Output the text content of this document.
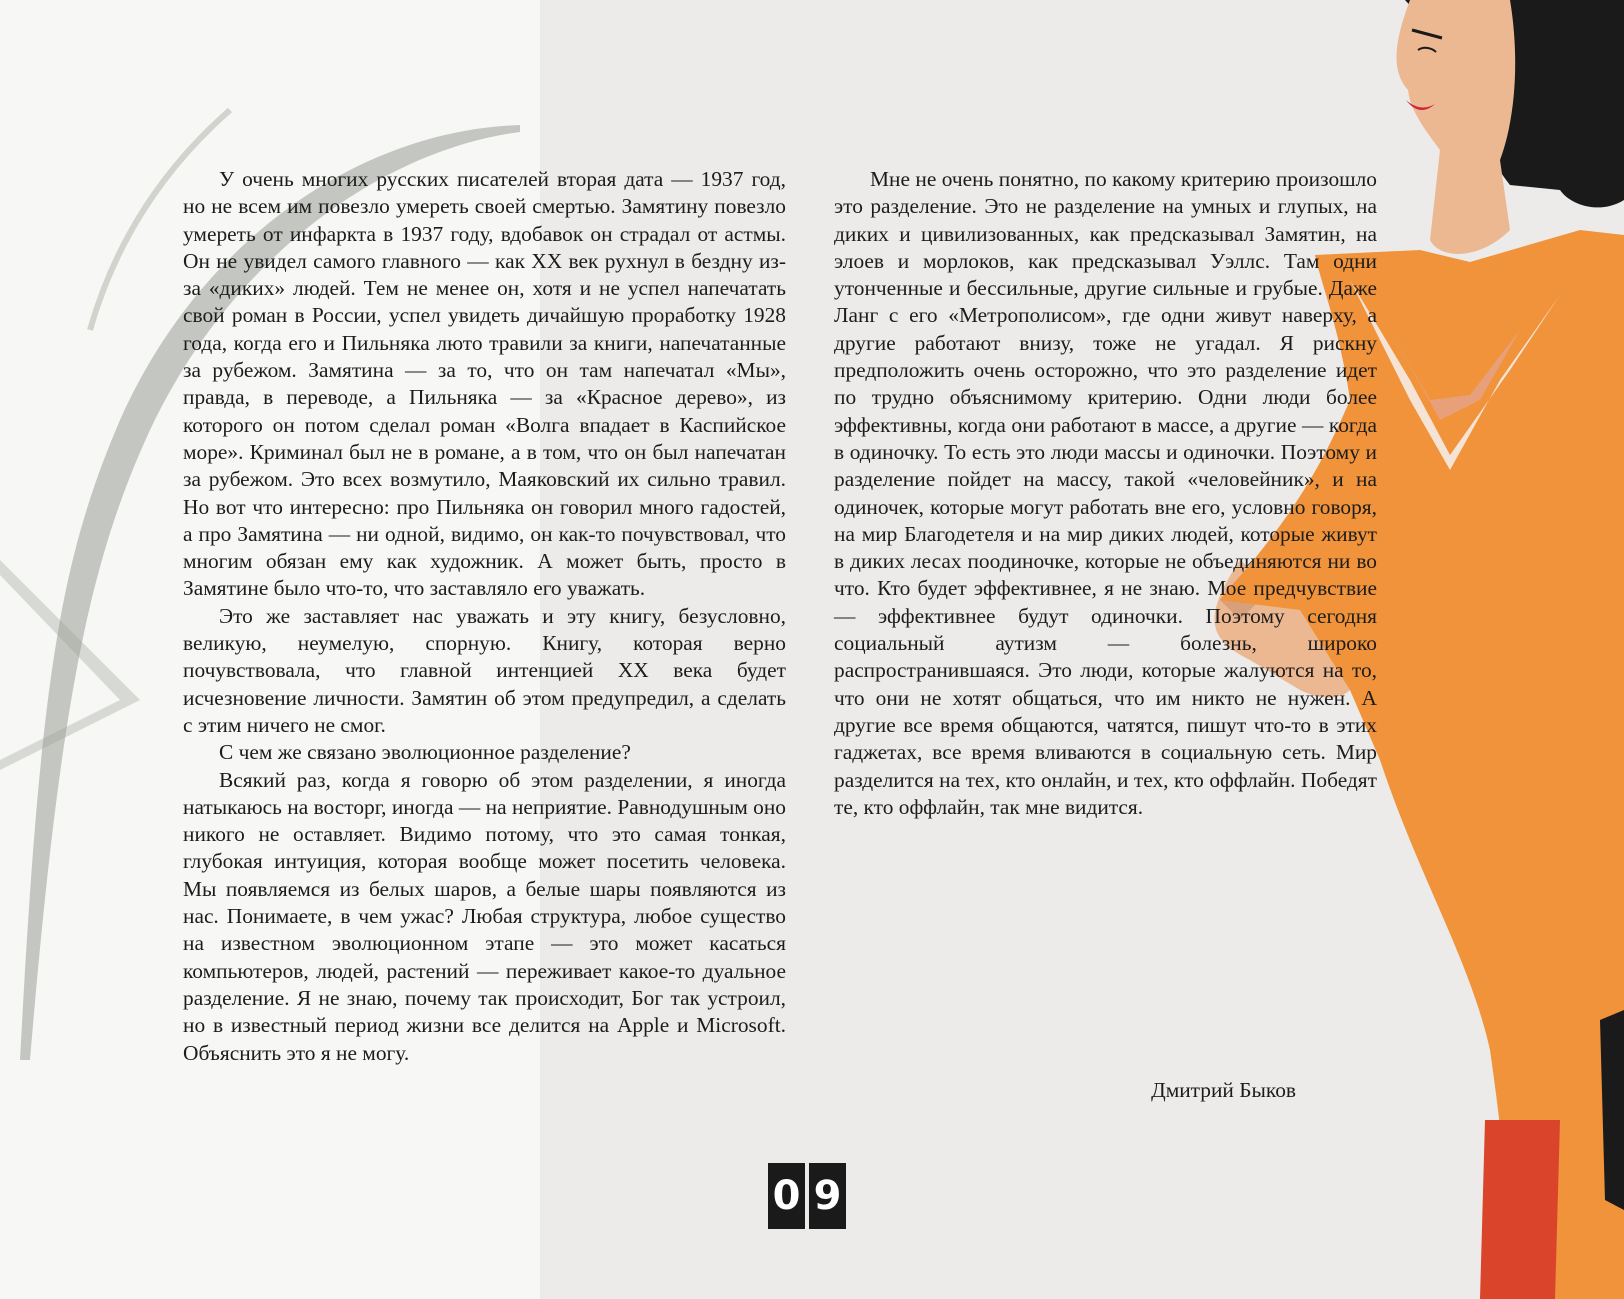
У очень многих русских писателей вторая дата — 1937 год, но не всем им повезло умереть своей смертью. Замятину повезло умереть от инфаркта в 1937 году, вдобавок он страдал от астмы. Он не увидел самого главного — как XX век рухнул в бездну из-за «диких» людей. Тем не менее он, хотя и не успел напечатать свой роман в России, успел увидеть дичайшую проработку 1928 года, когда его и Пильняка люто травили за книги, напечатанные за рубежом. Замятина — за то, что он там напечатал «Мы», правда, в переводе, а Пильняка — за «Красное дерево», из которого он потом сделал роман «Волга впадает в Каспийское море». Криминал был не в романе, а в том, что он был напечатан за рубежом. Это всех возмутило, Маяковский их сильно травил. Но вот что интересно: про Пильняка он говорил много гадостей, а про Замятина — ни одной, видимо, он как-то почувствовал, что многим обязан ему как художник. А может быть, просто в Замятине было что-то, что заставляло его уважать.

Это же заставляет нас уважать и эту книгу, безусловно, великую, неумелую, спорную. Книгу, которая верно почувствовала, что главной интенцией XX века будет исчезновение личности. Замятин об этом предупредил, а сделать с этим ничего не смог.

С чем же связано эволюционное разделение?

Всякий раз, когда я говорю об этом разделении, я иногда натыкаюсь на восторг, иногда — на неприятие. Равнодушным оно никого не оставляет. Видимо потому, что это самая тонкая, глубокая интуиция, которая вообще может посетить человека. Мы появляемся из белых шаров, а белые шары появляются из нас. Понимаете, в чем ужас? Любая структура, любое существо на известном эволюционном этапе — это может касаться компьютеров, людей, растений — переживает какое-то дуальное разделение. Я не знаю, почему так происходит, Бог так устроил, но в известный период жизни все делится на Apple и Microsoft. Объяснить это я не могу.

Мне не очень понятно, по какому критерию произошло это разделение. Это не разделение на умных и глупых, на диких и цивилизованных, как предсказывал Замятин, на элоев и морлоков, как предсказывал Уэллс. Там одни утонченные и бессильные, другие сильные и грубые. Даже Ланг с его «Метрополисом», где одни живут наверху, а другие работают внизу, тоже не угадал. Я рискну предположить очень осторожно, что это разделение идет по трудно объяснимому критерию. Одни люди более эффективны, когда они работают в массе, а другие — когда в одиночку. То есть это люди массы и одиночки. Поэтому и разделение пойдет на массу, такой «человейник», и на одиночек, которые могут работать вне его, условно говоря, на мир Благодетеля и на мир диких людей, которые живут в диких лесах поодиночке, которые не объединяются ни во что. Кто будет эффективнее, я не знаю. Мое предчувствие — эффективнее будут одиночки. Поэтому сегодня социальный аутизм — болезнь, широко распространившаяся. Это люди, которые жалуются на то, что они не хотят общаться, что им никто не нужен. А другие все время общаются, чатятся, пишут что-то в этих гаджетах, все время вливаются в социальную сеть. Мир разделится на тех, кто онлайн, и тех, кто оффлайн. Победят те, кто оффлайн, так мне видится.

Дмитрий Быков
0 9
